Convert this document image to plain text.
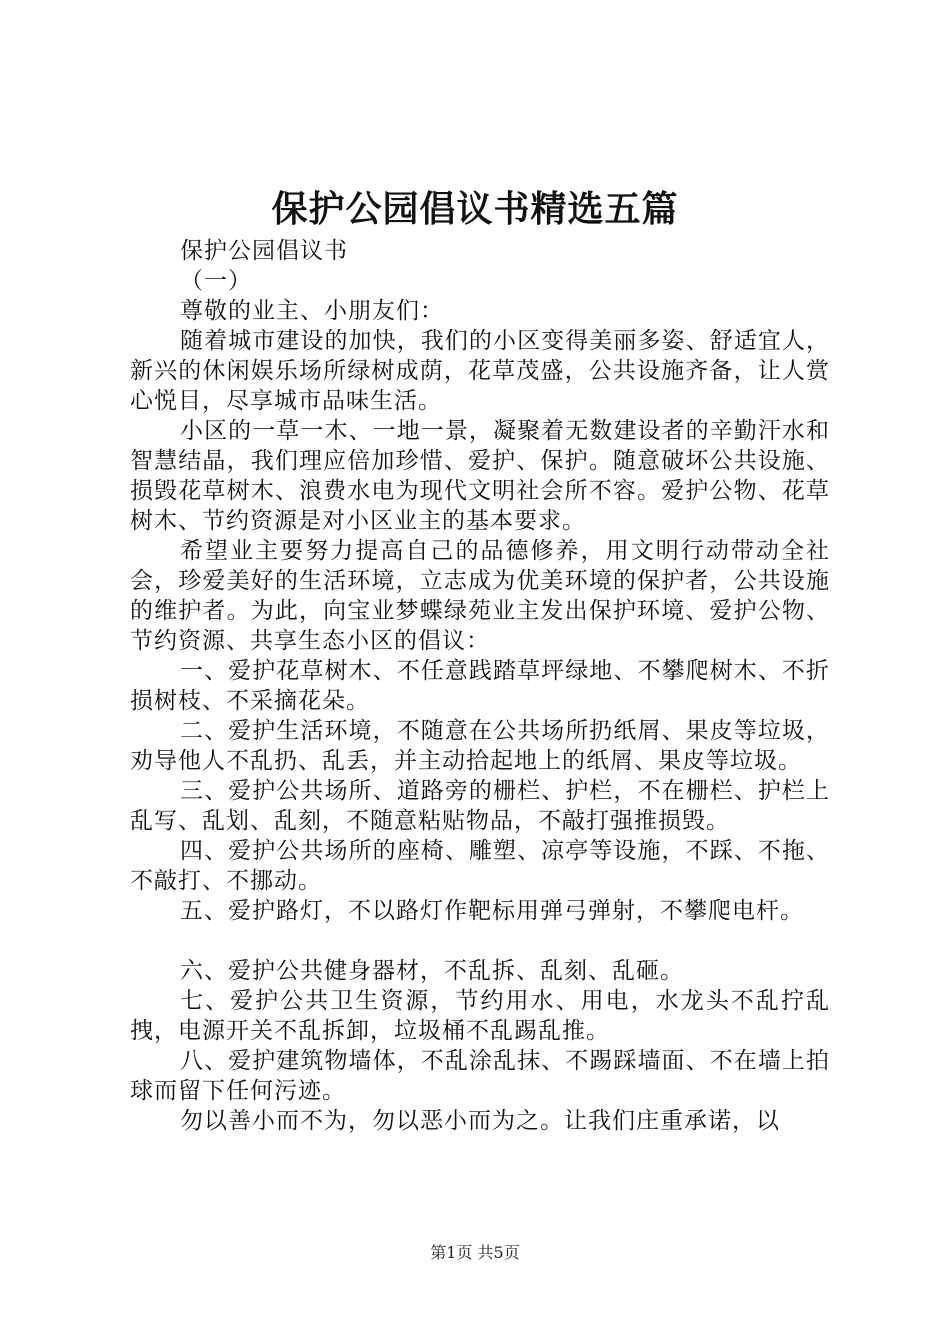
保护公园倡议书精选五篇

保护公园倡议书

（一）

尊敬的业主、小朋友们：

随着城市建设的加快，我们的小区变得美丽多姿、舒适宜人，新兴的休闲娱乐场所绿树成荫，花草茂盛，公共设施齐备，让人赏心悦目，尽享城市品味生活。

小区的一草一木、一地一景，凝聚着无数建设者的辛勤汗水和智慧结晶，我们理应倍加珍惜、爱护、保护。随意破坏公共设施、损毁花草树木、浪费水电为现代文明社会所不容。爱护公物、花草树木、节约资源是对小区业主的基本要求。

希望业主要努力提高自己的品德修养，用文明行动带动全社会，珍爱美好的生活环境，立志成为优美环境的保护者，公共设施的维护者。为此，向宝业梦蝶绿苑业主发出保护环境、爱护公物、节约资源、共享生态小区的倡议：

一、爱护花草树木、不任意践踏草坪绿地、不攀爬树木、不折损树枝、不采摘花朵。

二、爱护生活环境，不随意在公共场所扔纸屑、果皮等垃圾，劝导他人不乱扔、乱丢，并主动拾起地上的纸屑、果皮等垃圾。

三、爱护公共场所、道路旁的栅栏、护栏，不在栅栏、护栏上乱写、乱划、乱刻，不随意粘贴物品，不敲打强推损毁。

四、爱护公共场所的座椅、雕塑、凉亭等设施，不踩、不拖、不敲打、不挪动。

五、爱护路灯，不以路灯作靶标用弹弓弹射，不攀爬电杆。

六、爱护公共健身器材，不乱拆、乱刻、乱砸。

七、爱护公共卫生资源，节约用水、用电，水龙头不乱拧乱拽，电源开关不乱拆卸，垃圾桶不乱踢乱推。

八、爱护建筑物墙体，不乱涂乱抹、不踢踩墙面、不在墙上拍球而留下任何污迹。

勿以善小而不为，勿以恶小而为之。让我们庄重承诺，以

第1页 共5页
